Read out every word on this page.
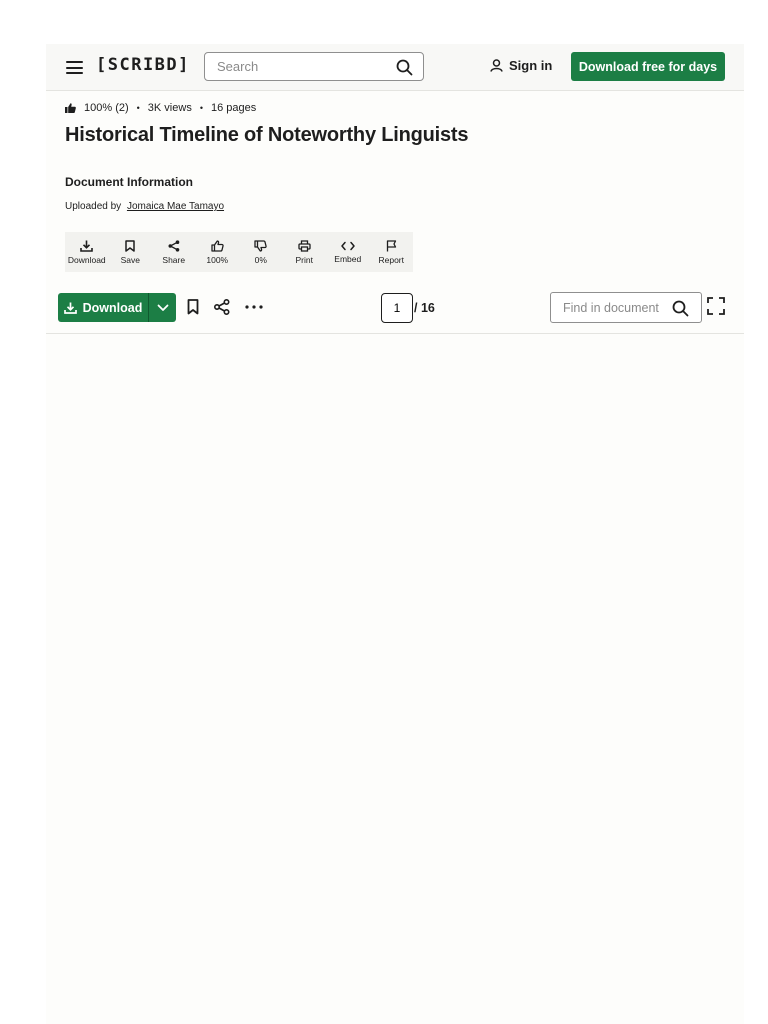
[SCRIBD]
Search	Sign in	Download free for days
100% (2) • 3K views • 16 pages
Historical Timeline of Noteworthy Linguists
Document Information
Uploaded by Jomaica Mae Tamayo
Download Save	Share	100%	0%	Print	Embed Report
Download
1	/ 16
Find in document
